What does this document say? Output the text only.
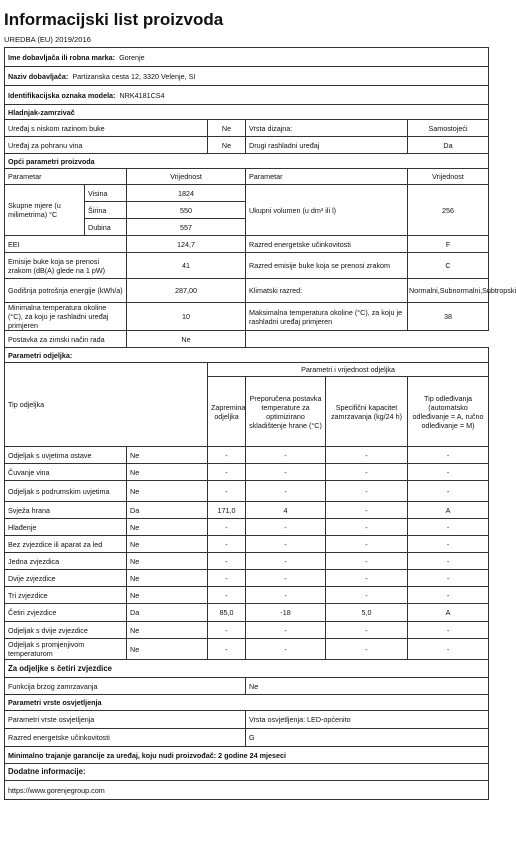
Informacijski list proizvoda
UREDBA (EU) 2019/2016
Ime dobavljača ili robna marka: Gorenje						
Naziv dobavljača: Partizanska cesta 12, 3320 Velenje, SI						
Identifikacijska oznaka modela: NRK4181CS4						
Hladnjak-zamrzivač						
Uređaj s niskom razinom buke			Ne	Vrsta dizajna:		Samostojeći
Uređaj za pohranu vina			Ne	Drugi rashladni uređaj		Da
Opći parametri proizvoda						
Parametar		Vrijednost		Parametar		Vrijednost
Skupne mjere (u milimetrima) °C	Visina	1824		Ukupni volumen (u dm³ ili l)		256
	Širina	550				
	Dubina	557				
EEI		124,7		Razred energetske učinkovitosti		F
Emisije buke koja se prenosi zrakom (dB(A) glede na 1 pW)		41		Razred emisije buke koja se prenosi zrakom		C
Godišnja potrošnja energije (kWh/a)		287,00		Klimatski razred:		Normalni,Subnormalni,Subtropski
Minimalna temperatura okoline (°C), za koju je rashladni uređaj primjeren		10		Maksimalna temperatura okoline (°C), za koju je rashladni uređaj primjeren		38
Postavka za zimski način rada		Ne				
Parametri odjeljka:						
Tip odjeljka			Parametri i vrijednost odjeljka			
			Zapremina odjeljka	Preporučena postavka temperature za optimizirano skladištenje hrane (°C)	Specifični kapacitet zamrzavanja (kg/24 h)	Tip odleđivanja (automatsko odleđivanje = A, ručno odleđivanje = M)
Odjeljak s uvjetima ostave		Ne	-	-	-	-
Čuvanje vina		Ne	-	-	-	-
Odjeljak s podrumskim uvjetima		Ne	-	-	-	-
Svježa hrana		Da	171,0	4	-	A
Hlađenje		Ne	-	-	-	-
Bez zvjezdice ili aparat za led		Ne	-	-	-	-
Jedna zvjezdica		Ne	-	-	-	-
Dvije zvjezdice		Ne	-	-	-	-
Tri zvjezdice		Ne	-	-	-	-
Četiri zvjezdice		Da	85,0	-18	5,0	A
Odjeljak s dvije zvjezdice		Ne	-	-	-	-
Odjeljak s promjenjivom temperaturom		Ne	-	-	-	-
Za odjeljke s četiri zvjezdice						
Funkcija brzog zamrzavanja				Ne		
Parametri vrste osvjetljenja						
Parametri vrste osvjetljenja				Vrsta osvjetljenja: LED-općenito		
Razred energetske učinkovitosti				G		
Minimalno trajanje garancije za uređaj, koju nudi proizvođač: 2 godine 24 mjeseci						
Dodatne informacije:						
https://www.gorenjegroup.com						
